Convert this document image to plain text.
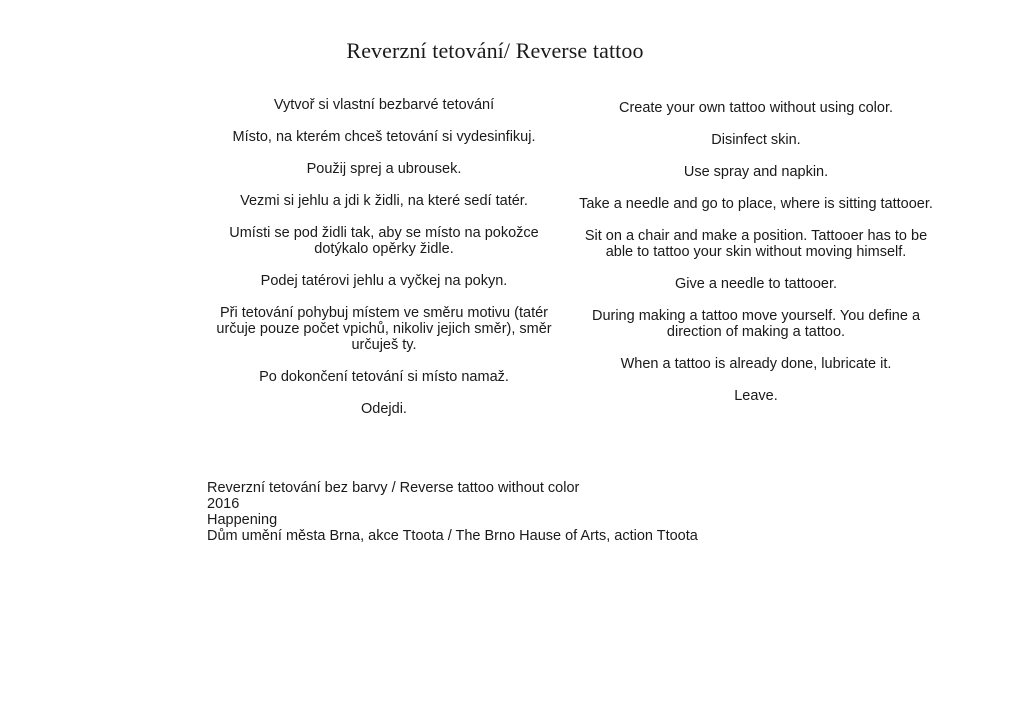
Reverzní tetování/ Reverse tattoo

Vytvoř si vlastní bezbarvé tetování

Místo, na kterém chceš tetování si vydesinfikuj.

Použij sprej a ubrousek.

Vezmi si jehlu a jdi k židli, na které sedí tatér.

Umísti se pod židli tak, aby se místo na pokožce dotýkalo opěrky židle.

Podej tatérovi jehlu a vyčkej na pokyn.

Při tetování pohybuj místem ve směru motivu (tatér určuje pouze počet vpichů, nikoliv jejich směr), směr určuješ ty.

Po dokončení tetování si místo namaž.

Odejdi.

Create your own tattoo without using color.

Disinfect skin.

Use spray and napkin.

Take a needle and go to place, where is sitting tattooer.

Sit on a chair and make a position. Tattooer has to be able to tattoo your skin without moving himself.

Give a needle to tattooer.

During making a tattoo move yourself. You define a direction of making a tattoo.

When a tattoo is already done, lubricate it.

Leave.

Reverzní tetování bez barvy / Reverse tattoo without color
2016
Happening
Dům umění města Brna, akce Ttoota / The Brno Hause of Arts, action Ttoota
